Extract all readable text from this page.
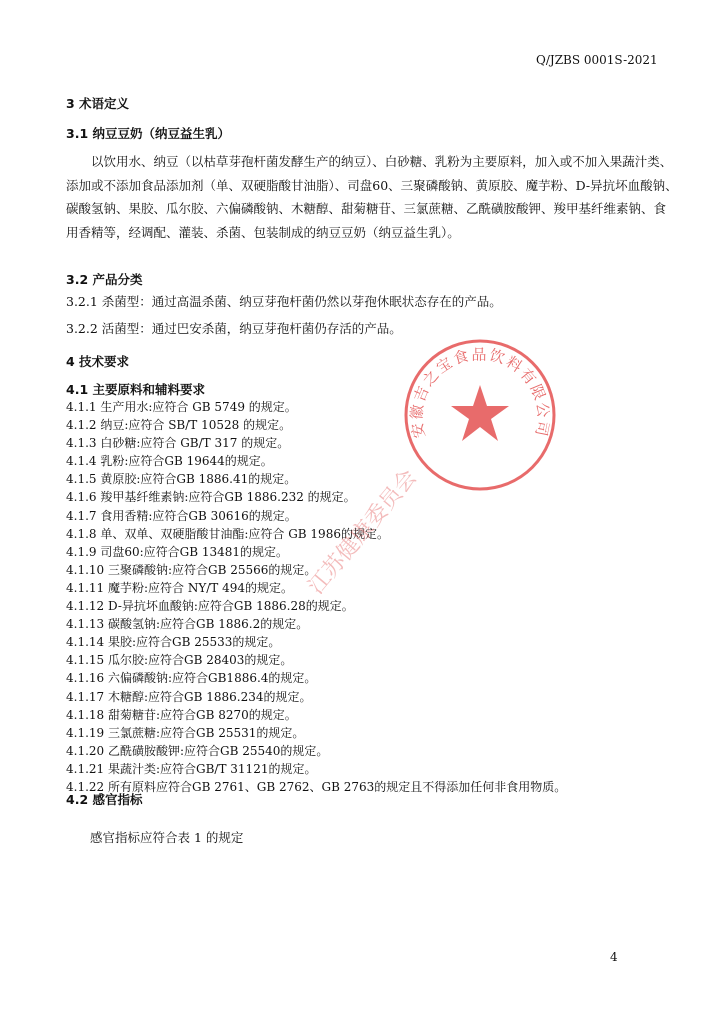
Q/JZBS 0001S-2021
3 术语定义
3.1 纳豆豆奶（纳豆益生乳）
以饮用水、纳豆（以枯草芽孢杆菌发酵生产的纳豆）、白砂糖、乳粉为主要原料，加入或不加入果蔬汁类、
添加或不添加食品添加剂（单、双硬脂酸甘油脂）、司盘60、三聚磷酸钠、黄原胶、魔芋粉、D-异抗坏血酸钠、
碳酸氢钠、果胶、瓜尔胶、六偏磷酸钠、木糖醇、甜菊糖苷、三氯蔗糖、乙酰磺胺酸钾、羧甲基纤维素钠、食
用香精等，经调配、灌装、杀菌、包装制成的纳豆豆奶（纳豆益生乳）。
3.2 产品分类
3.2.1 杀菌型：通过高温杀菌、纳豆芽孢杆菌仍然以芽孢休眠状态存在的产品。
3.2.2 活菌型：通过巴安杀菌，纳豆芽孢杆菌仍存活的产品。
4 技术要求
4.1 主要原料和辅料要求
4.1.1 生产用水:应符合 GB 5749 的规定。
4.1.2 纳豆:应符合 SB/T 10528 的规定。
4.1.3 白砂糖:应符合 GB/T 317 的规定。
4.1.4 乳粉:应符合GB 19644的规定。
4.1.5 黄原胶:应符合GB 1886.41的规定。
4.1.6 羧甲基纤维素钠:应符合GB 1886.232 的规定。
4.1.7 食用香精:应符合GB 30616的规定。
4.1.8 单、双单、双硬脂酸甘油酯:应符合 GB 1986的规定。
4.1.9 司盘60:应符合GB 13481的规定。
4.1.10 三聚磷酸钠:应符合GB 25566的规定。
4.1.11 魔芋粉:应符合 NY/T 494的规定。
4.1.12 D-异抗坏血酸钠:应符合GB 1886.28的规定。
4.1.13 碳酸氢钠:应符合GB 1886.2的规定。
4.1.14 果胶:应符合GB 25533的规定。
4.1.15 瓜尔胶:应符合GB 28403的规定。
4.1.16 六偏磷酸钠:应符合GB1886.4的规定。
4.1.17 木糖醇:应符合GB 1886.234的规定。
4.1.18 甜菊糖苷:应符合GB 8270的规定。
4.1.19 三氯蔗糖:应符合GB 25531的规定。
4.1.20 乙酰磺胺酸钾:应符合GB 25540的规定。
4.1.21 果蔬汁类:应符合GB/T 31121的规定。
4.1.22 所有原料应符合GB 2761、GB 2762、GB 2763的规定且不得添加任何非食用物质。
4.2 感官指标
感官指标应符合表 1 的规定
4
安徽吉之宝食品饮料有限公司
江苏健康委员会
